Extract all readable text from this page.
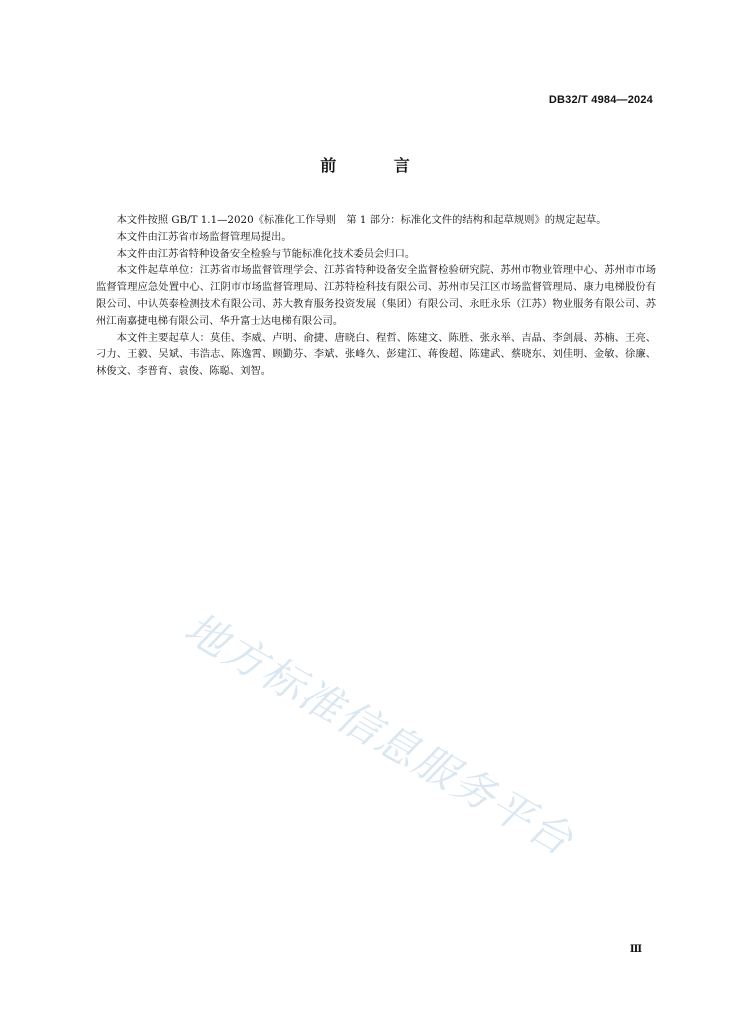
DB32/T 4984—2024
前 言

本文件按照 GB/T 1.1—2020《标准化工作导则　第 1 部分：标准化文件的结构和起草规则》的规定起草。

本文件由江苏省市场监督管理局提出。

本文件由江苏省特种设备安全检验与节能标准化技术委员会归口。

本文件起草单位：江苏省市场监督管理学会、江苏省特种设备安全监督检验研究院、苏州市物业管理中心、苏州市市场监督管理应急处置中心、江阴市市场监督管理局、江苏特检科技有限公司、苏州市吴江区市场监督管理局、康力电梯股份有限公司、中认英泰检测技术有限公司、苏大教育服务投资发展（集团）有限公司、永旺永乐（江苏）物业服务有限公司、苏州江南嘉捷电梯有限公司、华升富士达电梯有限公司。

本文件主要起草人：莫佳、李威、卢明、俞捷、唐晓白、程哲、陈建文、陈胜、张永举、吉晶、李剑晨、苏楠、王亮、刁力、王毅、吴斌、韦浩志、陈逸霄、顾勤芬、李斌、张峰久、彭建江、蒋俊超、陈建武、蔡晓东、刘佳明、金敏、徐廉、林俊文、李普育、袁俊、陈聪、刘智。

地方标准信息服务平台
Ⅲ
